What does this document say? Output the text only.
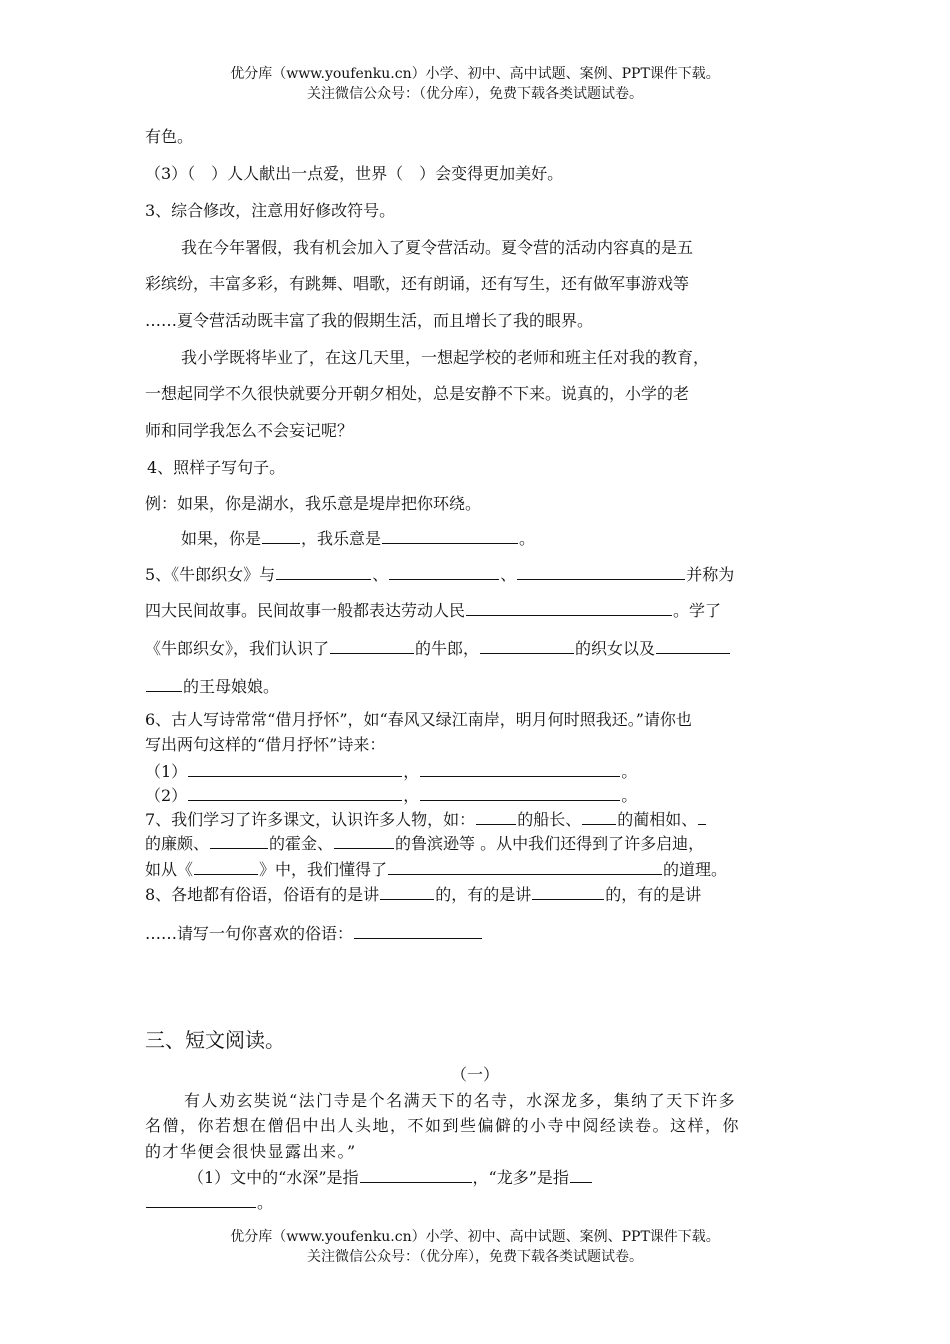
优分库（www.youfenku.cn）小学、初中、高中试题、案例、PPT课件下载。
关注微信公众号：（优分库），免费下载各类试题试卷。
有色。
（3）（　）人人献出一点爱，世界（　）会变得更加美好。
3、综合修改，注意用好修改符号。
我在今年署假，我有机会加入了夏令营活动。夏令营的活动内容真的是五
彩缤纷，丰富多彩，有跳舞、唱歌，还有朗诵，还有写生，还有做军事游戏等
……夏令营活动既丰富了我的假期生活，而且增长了我的眼界。
我小学既将毕业了，在这几天里，一想起学校的老师和班主任对我的教育，
一想起同学不久很快就要分开朝夕相处，总是安静不下来。说真的，小学的老
师和同学我怎么不会妄记呢？
4、照样子写句子。
例：如果，你是湖水，我乐意是堤岸把你环绕。
如果，你是	，我乐意是	。
5、《牛郎织女》与	、	、	并称为
四大民间故事。民间故事一般都表达劳动人民	。学了
《牛郎织女》，我们认识了	的牛郎，	的织女以及
的王母娘娘。
6、古人写诗常常“借月抒怀”，如“春风又绿江南岸，明月何时照我还。”请你也
写出两句这样的“借月抒怀”诗来：
（1）	，	。
（2）	，	。
7、我们学习了许多课文，认识许多人物，如：	的船长、 的蔺相如、
的廉颇、	的霍金、	的鲁滨逊等 。从中我们还得到了许多启迪，
如从《	》中，我们懂得了	的道理。
8、各地都有俗语，俗语有的是讲	的，有的是讲	的，有的是讲
……请写一句你喜欢的俗语：
三、短文阅读。
（一）
有人劝玄奘说“法门寺是个名满天下的名寺，水深龙多，集纳了天下许多
名僧，你若想在僧侣中出人头地，不如到些偏僻的小寺中阅经读卷。这样，你
的才华便会很快显露出来。”
（1）文中的“水深”是指	，“龙多”是指
。
优分库（www.youfenku.cn）小学、初中、高中试题、案例、PPT课件下载。
关注微信公众号：（优分库），免费下载各类试题试卷。
